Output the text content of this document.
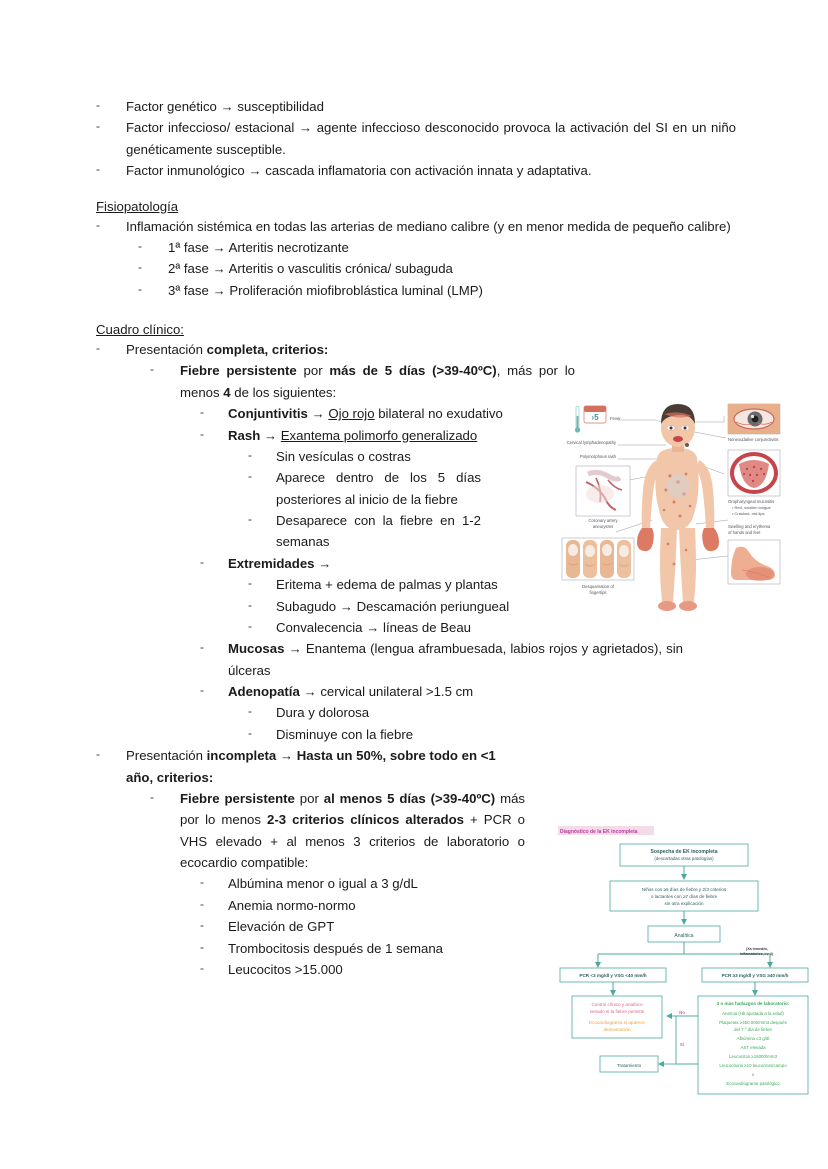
-	Factor genético → susceptibilidad
-	Factor infeccioso/ estacional → agente infeccioso desconocido provoca la activación del SI en un niño genéticamente susceptible.
-	Factor inmunológico → cascada inflamatoria con activación innata y adaptativa.
Fisiopatología
-	Inflamación sistémica en todas las arterias de mediano calibre (y en menor medida de pequeño calibre)
-	1ª fase → Arteritis necrotizante
-	2ª fase → Arteritis o vasculitis crónica/ subaguda
-	3ª fase → Proliferación miofibroblástica luminal (LMP)
Cuadro clínico:
-	Presentación completa, criterios:
-	Fiebre persistente por más de 5 días (>39-40ºC), más por lo menos 4 de los siguientes:
-	Conjuntivitis → Ojo rojo bilateral no exudativo
-	Rash → Exantema polimorfo generalizado
-	Sin vesículas o costras
-	Aparece dentro de los 5 días posteriores al inicio de la fiebre
-	Desaparece con la fiebre en 1-2 semanas
-	Extremidades →
-	Eritema + edema de palmas y plantas
-	Subagudo → Descamación periungueal
-	Convalecencia → líneas de Beau
-	Mucosas → Enantema (lengua aframbuesada, labios rojos y agrietados), sin úlceras
-	Adenopatía → cervical unilateral >1.5 cm
-	Dura y dolorosa
-	Disminuye con la fiebre
-	Presentación incompleta → Hasta un 50%, sobre todo en <1 año, criterios:
-	Fiebre persistente por al menos 5 días (>39-40ºC) más por lo menos 2-3 criterios clínicos alterados + PCR o VHS elevado + al menos 3 criterios de laboratorio o ecocardio compatible:
-	Albúmina menor o igual a 3 g/dL
-	Anemia normo-normo
-	Elevación de GPT
-	Trombocitosis después de 1 semana
-	Leucocitos >15.000
›5	Fever
Cervical lymphadenopathy
Polymorphous rash
Coronary artery
aneurysms
Desquamation of
fingertips
Nonexudative conjunctivitis
Oropharyngeal mucositis
• Red, swollen tongue
• Cracked, red lips
Swelling and erythema
of hands and feet
Diagnóstico de la EK incompleta
Sospecha de EK incompleta
(descartadas otras patologías)
Niños con ≥5 días de fiebre y 2/3 criterios
o lactantes con ≥7 días de fiebre
sin otra explicación
Analítica
(Xa inmedeu,
inflamatorios, i.v-4)
PCR <3 mg/dl y VSG <40 mm/h	PCR ≥3 mg/dl y VSG ≥40 mm/h
Control clínico y analítico
seriado si la fiebre persiste
Ecocardiograma si aparece
descamación
3 o más hallazgos de laboratorio:
Anemia (Hb ajustada a la edad)
Plaquetas ≥450.000/mm3 después
del 7.º día de fiebre
Albúmina ≤3 g/dl
AST elevada
Leucocitos ≥15000/mm3
Leucocituria ≥10 leucocitos/campo
o
Ecocardiograma patológico
No
Sí
Tratamiento
